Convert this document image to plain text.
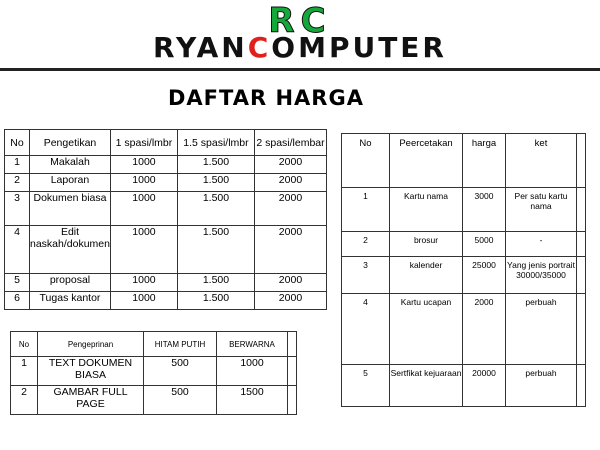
RC
RYANCOMPUTER
DAFTAR HARGA
No	Pengetikan	1 spasi/lmbr	1.5 spasi/lmbr	2 spasi/lembar
1	Makalah	1000	1.500	2000
2	Laporan	1000	1.500	2000
3	Dokumen biasa	1000	1.500	2000
4	Edit naskah/dokumen	1000	1.500	2000
5	proposal	1000	1.500	2000
6	Tugas kantor	1000	1.500	2000
No	Peercetakan	harga	ket	
1	Kartu nama	3000	Per satu kartu nama	
2	brosur	5000	-	
3	kalender	25000	Yang jenis portrait 30000/35000	
4	Kartu ucapan	2000	perbuah	
5	Sertfikat kejuaraan	20000	perbuah	
No	Pengeprinan	HITAM PUTIH	BERWARNA	
1	TEXT DOKUMEN BIASA	500	1000	
2	GAMBAR FULL PAGE	500	1500	
